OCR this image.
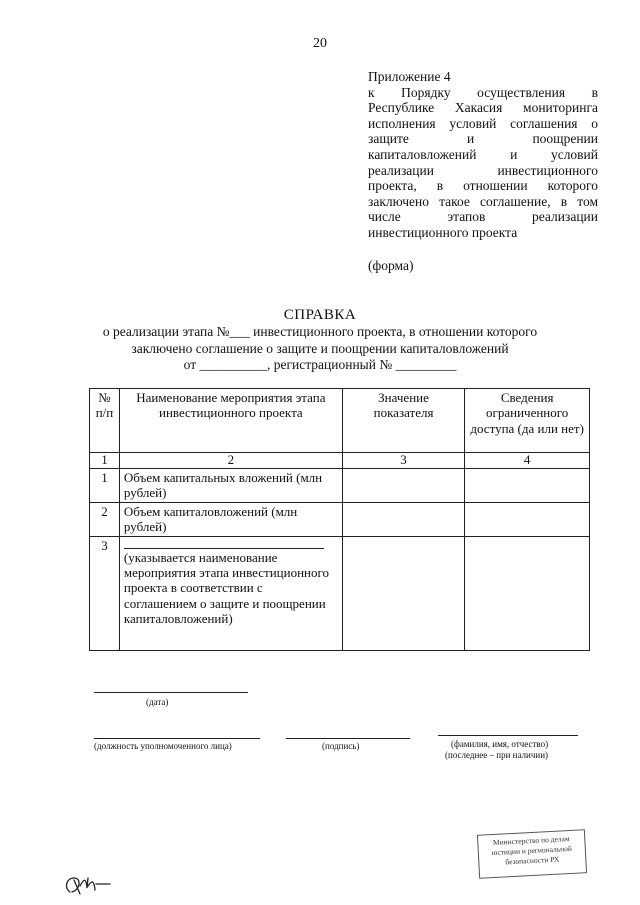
20
Приложение 4
к Порядку осуществления в
Республике Хакасия мониторинга
исполнения условий соглашения о
защите и поощрении
капиталовложений и условий
реализации инвестиционного
проекта, в отношении которого
заключено такое соглашение, в том
числе этапов реализации
инвестиционного проекта
(форма)
СПРАВКА
о реализации этапа №___ инвестиционного проекта, в отношении которого
заключено соглашение о защите и поощрении капиталовложений
от __________, регистрационный № _________
№ п/п	Наименование мероприятия этапа инвестиционного проекта	Значение показателя	Сведения ограниченного доступа (да или нет)
1	2	3	4
1	Объем капитальных вложений (млн рублей)		
2	Объем капиталовложений (млн рублей)		
3	(указывается наименование мероприятия этапа инвестиционного проекта в соответствии с соглашением о защите и поощрении капиталовложений)		
(дата)
(должность уполномоченного лица)	(подпись)	(фамилия, имя, отчество)
(последнее – при наличии)
Министерство по делам
юстиции и региональной
безопасности РХ
